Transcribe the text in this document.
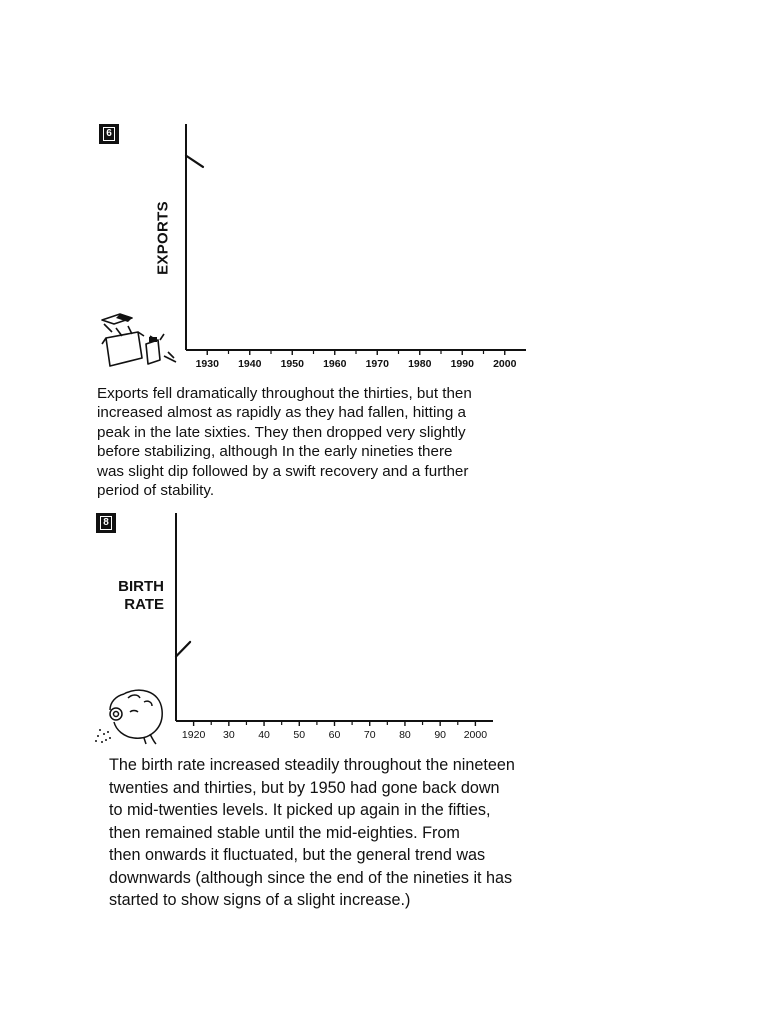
6
EXPORTS
1930 1940 1950 1960 1970 1980 1990 2000

Exports fell dramatically throughout the thirties, but then
increased almost as rapidly as they had fallen, hitting a
peak in the late sixties. They then dropped very slightly
before stabilizing, although In the early nineties there
was slight dip followed by a swift recovery and a further
period of stability.

8
BIRTH
RATE
1920 30 40 50 60 70 80 90 2000

The birth rate increased steadily throughout the nineteen
twenties and thirties, but by 1950 had gone back down
to mid-twenties levels. It picked up again in the fifties,
then remained stable until the mid-eighties. From
then onwards it fluctuated, but the general trend was
downwards (although since the end of the nineties it has
started to show signs of a slight increase.)
